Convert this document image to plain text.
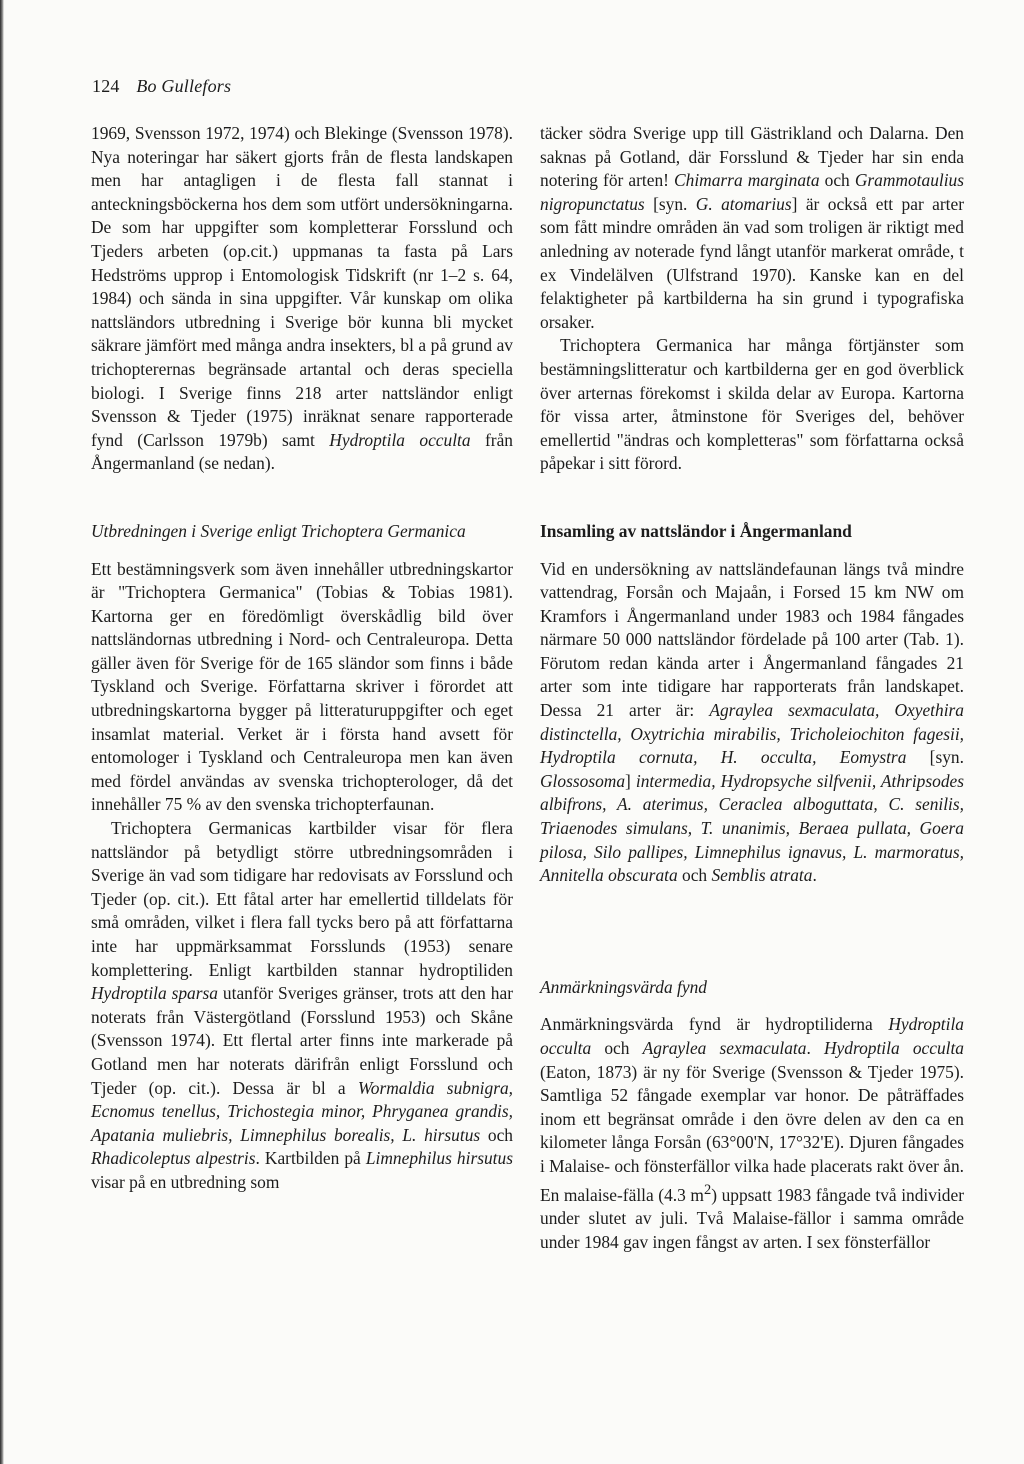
124 Bo Gullefors

1969, Svensson 1972, 1974) och Blekinge (Svensson 1978). Nya noteringar har säkert gjorts från de flesta landskapen men har antagligen i de flesta fall stannat i anteckningsböckerna hos dem som utfört undersökningarna. De som har uppgifter som kompletterar Forsslund och Tjeders arbeten (op.cit.) uppmanas ta fasta på Lars Hedströms upprop i Entomologisk Tidskrift (nr 1–2 s. 64, 1984) och sända in sina uppgifter. Vår kunskap om olika nattsländors utbredning i Sverige bör kunna bli mycket säkrare jämfört med många andra insekters, bl a på grund av trichopterernas begränsade artantal och deras speciella biologi. I Sverige finns 218 arter nattsländor enligt Svensson & Tjeder (1975) inräknat senare rapporterade fynd (Carlsson 1979b) samt Hydroptila occulta från Ångermanland (se nedan).

Utbredningen i Sverige enligt Trichoptera Germanica

Ett bestämningsverk som även innehåller utbredningskartor är "Trichoptera Germanica" (Tobias & Tobias 1981). Kartorna ger en föredömligt överskådlig bild över nattsländornas utbredning i Nord- och Centraleuropa. Detta gäller även för Sverige för de 165 sländor som finns i både Tyskland och Sverige. Författarna skriver i förordet att utbredningskartorna bygger på litteraturuppgifter och eget insamlat material. Verket är i första hand avsett för entomologer i Tyskland och Centraleuropa men kan även med fördel användas av svenska trichopterologer, då det innehåller 75 % av den svenska trichopterfaunan.

Trichoptera Germanicas kartbilder visar för flera nattsländor på betydligt större utbredningsområden i Sverige än vad som tidigare har redovisats av Forsslund och Tjeder (op. cit.). Ett fåtal arter har emellertid tilldelats för små områden, vilket i flera fall tycks bero på att författarna inte har uppmärksammat Forsslunds (1953) senare komplettering. Enligt kartbilden stannar hydroptiliden Hydroptila sparsa utanför Sveriges gränser, trots att den har noterats från Västergötland (Forsslund 1953) och Skåne (Svensson 1974). Ett flertal arter finns inte markerade på Gotland men har noterats därifrån enligt Forsslund och Tjeder (op. cit.). Dessa är bl a Wormaldia subnigra, Ecnomus tenellus, Trichostegia minor, Phryganea grandis, Apatania muliebris, Limnephilus borealis, L. hirsutus och Rhadicoleptus alpestris. Kartbilden på Limnephilus hirsutus visar på en utbredning som

täcker södra Sverige upp till Gästrikland och Dalarna. Den saknas på Gotland, där Forsslund & Tjeder har sin enda notering för arten! Chimarra marginata och Grammotaulius nigropunctatus [syn. G. atomarius] är också ett par arter som fått mindre områden än vad som troligen är riktigt med anledning av noterade fynd långt utanför markerat område, t ex Vindelälven (Ulfstrand 1970). Kanske kan en del felaktigheter på kartbilderna ha sin grund i typografiska orsaker.

Trichoptera Germanica har många förtjänster som bestämningslitteratur och kartbilderna ger en god överblick över arternas förekomst i skilda delar av Europa. Kartorna för vissa arter, åtminstone för Sveriges del, behöver emellertid "ändras och kompletteras" som författarna också påpekar i sitt förord.

Insamling av nattsländor i Ångermanland

Vid en undersökning av nattsländefaunan längs två mindre vattendrag, Forsån och Majaån, i Forsed 15 km NW om Kramfors i Ångermanland under 1983 och 1984 fångades närmare 50 000 nattsländor fördelade på 100 arter (Tab. 1). Förutom redan kända arter i Ångermanland fångades 21 arter som inte tidigare har rapporterats från landskapet. Dessa 21 arter är: Agraylea sexmaculata, Oxyethira distinctella, Oxytrichia mirabilis, Tricholeiochiton fagesii, Hydroptila cornuta, H. occulta, Eomystra [syn. Glossosoma] intermedia, Hydropsyche silfvenii, Athripsodes albifrons, A. aterimus, Ceraclea alboguttata, C. senilis, Triaenodes simulans, T. unanimis, Beraea pullata, Goera pilosa, Silo pallipes, Limnephilus ignavus, L. marmoratus, Annitella obscurata och Semblis atrata.

Anmärkningsvärda fynd

Anmärkningsvärda fynd är hydroptiliderna Hydroptila occulta och Agraylea sexmaculata. Hydroptila occulta (Eaton, 1873) är ny för Sverige (Svensson & Tjeder 1975). Samtliga 52 fångade exemplar var honor. De påträffades inom ett begränsat område i den övre delen av den ca en kilometer långa Forsån (63°00'N, 17°32'E). Djuren fångades i Malaise- och fönsterfällor vilka hade placerats rakt över ån. En malaise-fälla (4.3 $m^2$) uppsatt 1983 fångade två individer under slutet av juli. Två Malaise-fällor i samma område under 1984 gav ingen fångst av arten. I sex fönsterfällor
